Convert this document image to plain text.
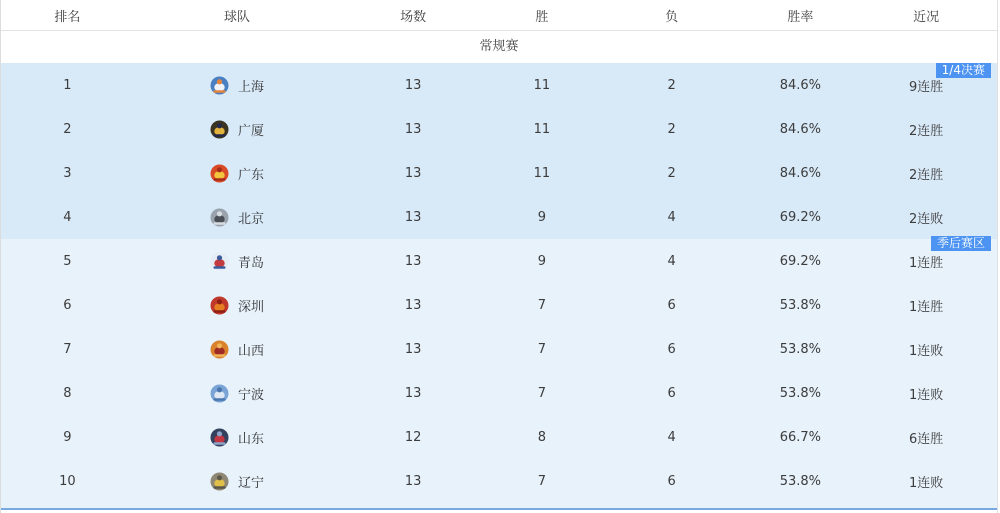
排名	球队	场数	胜	负	胜率	近况
常规赛
1/4决赛
季后赛区
1	上海	13	11	2	84.6%	9连胜
2	广厦	13	11	2	84.6%	2连胜
3	广东	13	11	2	84.6%	2连胜
4	北京	13	9	4	69.2%	2连败
5	青岛	13	9	4	69.2%	1连胜
6	深圳	13	7	6	53.8%	1连胜
7	山西	13	7	6	53.8%	1连败
8	宁波	13	7	6	53.8%	1连败
9	山东	12	8	4	66.7%	6连胜
10	辽宁	13	7	6	53.8%	1连败
